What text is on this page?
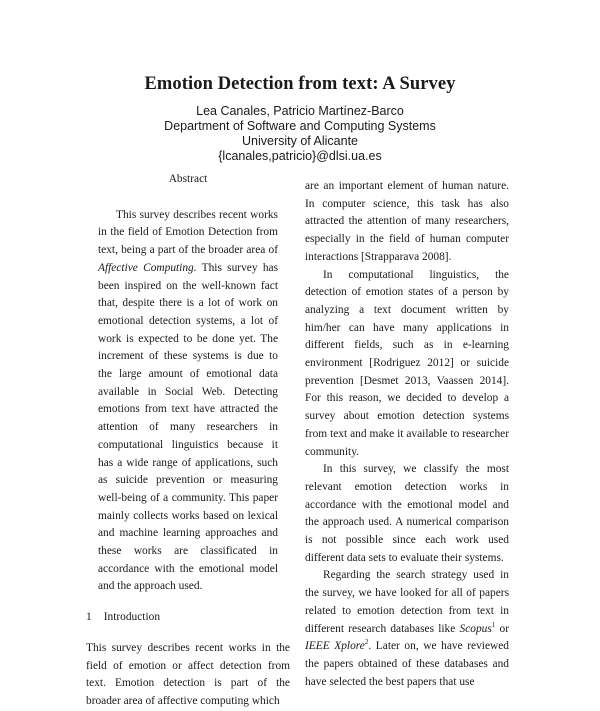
Emotion Detection from text: A Survey
Lea Canales, Patricio Martínez-Barco
Department of Software and Computing Systems
University of Alicante
{lcanales,patricio}@dlsi.ua.es
Abstract

This survey describes recent works in the field of Emotion Detection from text, being a part of the broader area of Affective Computing. This survey has been inspired on the well-known fact that, despite there is a lot of work on emotional detection systems, a lot of work is expected to be done yet. The increment of these systems is due to the large amount of emotional data available in Social Web. Detecting emotions from text have attracted the attention of many researchers in computational linguistics because it has a wide range of applications, such as suicide prevention or measuring well-being of a community. This paper mainly collects works based on lexical and machine learning approaches and these works are classificated in accordance with the emotional model and the approach used.

1 Introduction

This survey describes recent works in the field of emotion or affect detection from text. Emotion detection is part of the broader area of affective computing which

are an important element of human nature. In computer science, this task has also attracted the attention of many researchers, especially in the field of human computer interactions [Strapparava 2008].

In computational linguistics, the detection of emotion states of a person by analyzing a text document written by him/her can have many applications in different fields, such as in e-learning environment [Rodriguez 2012] or suicide prevention [Desmet 2013, Vaassen 2014]. For this reason, we decided to develop a survey about emotion detection systems from text and make it available to researcher community.

In this survey, we classify the most relevant emotion detection works in accordance with the emotional model and the approach used. A numerical comparison is not possible since each work used different data sets to evaluate their systems.

Regarding the search strategy used in the survey, we have looked for all of papers related to emotion detection from text in different research databases like Scopus$^1$ or IEEE Xplore$^2$. Later on, we have reviewed the papers obtained of these databases and have selected the best papers that use
